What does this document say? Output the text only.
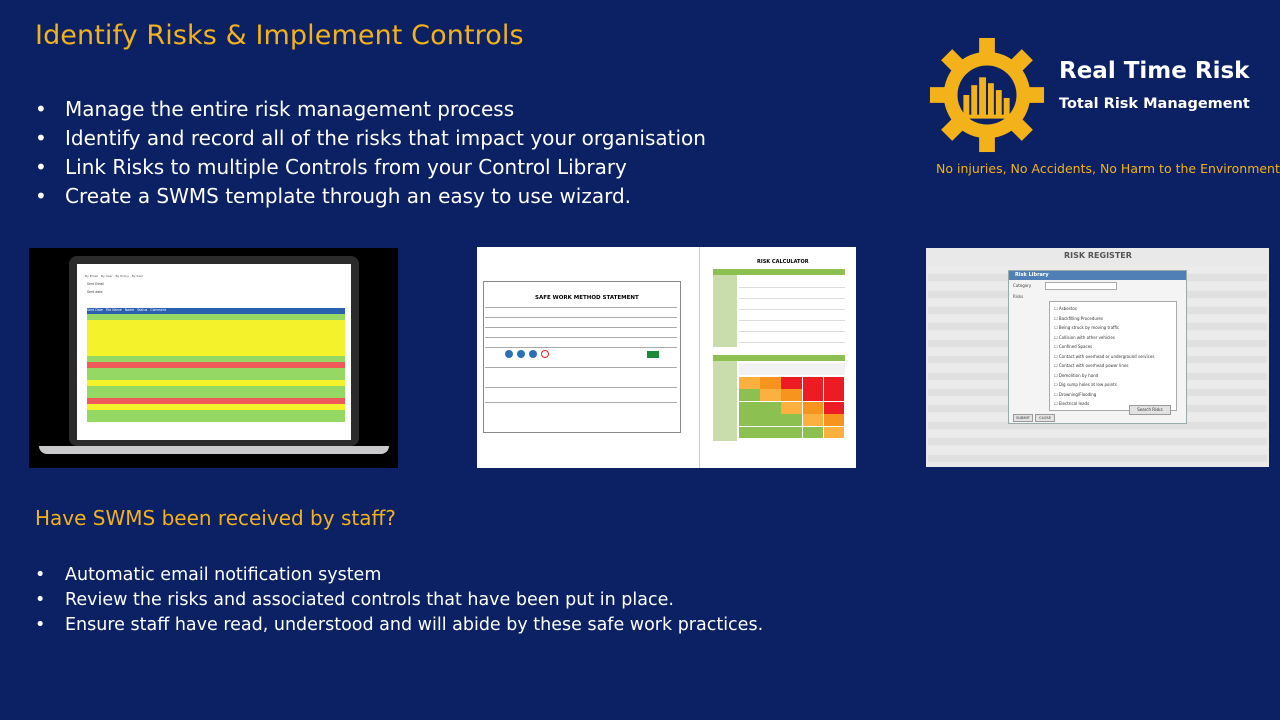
Identify Risks & Implement Controls
• Manage the entire risk management process
• Identify and record all of the risks that impact your organisation
• Link Risks to multiple Controls from your Control Library
• Create a SWMS template through an easy to use wizard.
Real Time Risk
Total Risk Management
No injuries, No Accidents, No Harm to the Environment
By Email   By User   By Policy   By Item
Sent Email
Sent date
Sent Date   File Name   Name   Status   Comment
SAFE WORK METHOD STATEMENT
RISK CALCULATOR
RISK REGISTER
Risk Library
Category
Risks
☐ Asbestos
☐ Backfilling Procedures
☐ Being struck by moving traffic
☐ Collision with other vehicles
☐ Confined Spaces
☐ Contact with overhead or underground services
☐ Contact with overhead power lines
☐ Demolition by hand
☐ Dig sump holes at low points
☐ Drowning/Flooding
☐ Electrical leads
Search Risks
SUBMIT	CLOSE
Have SWMS been received by staff?
• Automatic email notification system
• Review the risks and associated controls that have been put in place.
• Ensure staff have read, understood and will abide by these safe work practices.
